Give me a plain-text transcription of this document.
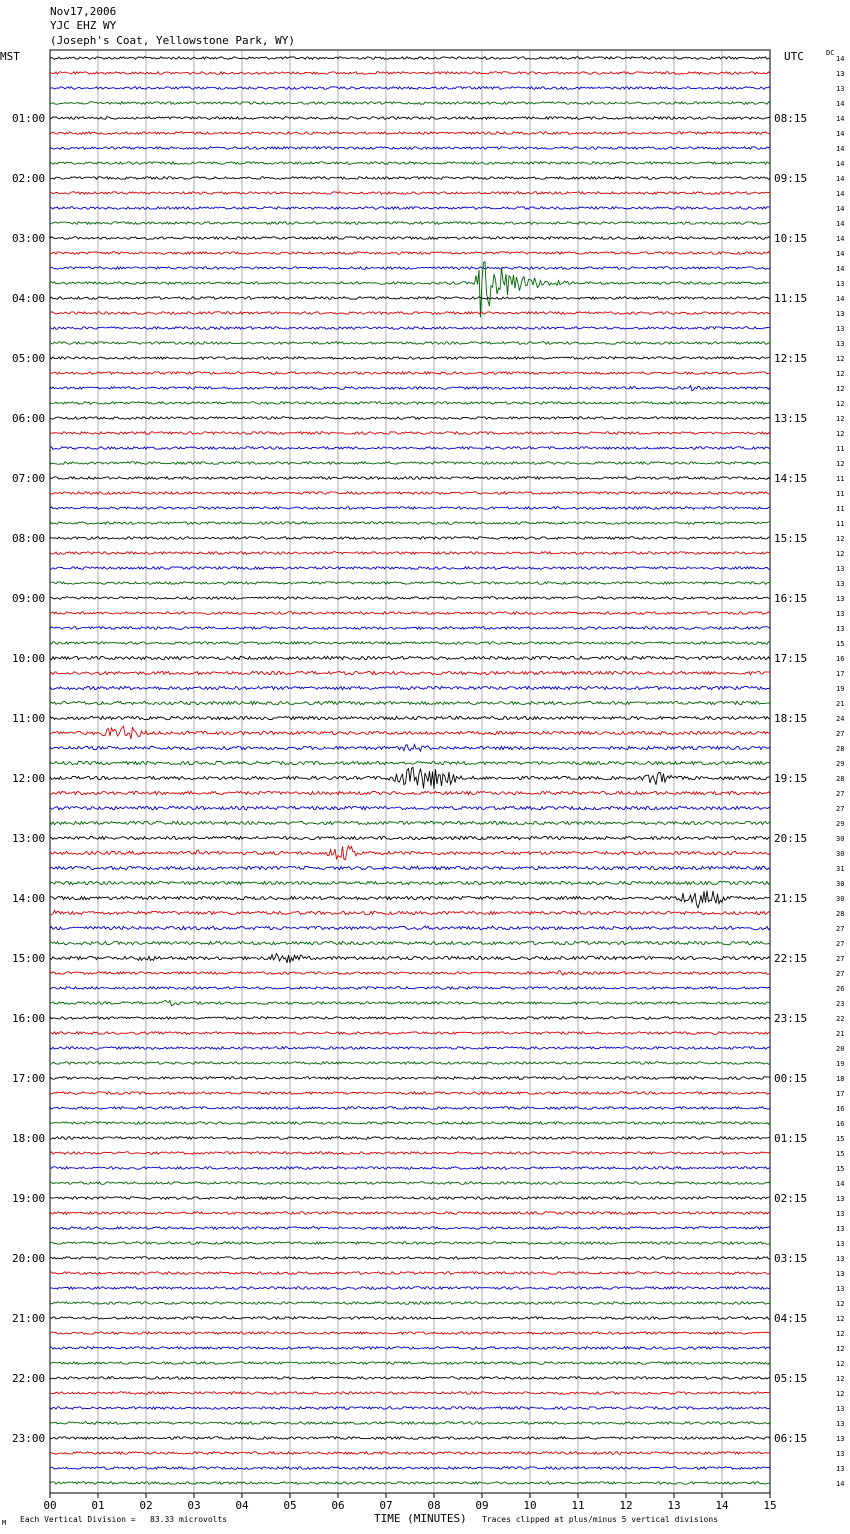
Nov17,2006
YJC EHZ WY
(Joseph's Coat, Yellowstone Park, WY)
MST	UTC	DC
01:00
02:00
03:00
04:00
05:00
06:00
07:00
08:00
09:00
10:00
11:00
12:00
13:00
14:00
15:00
16:00
17:00
18:00
19:00
20:00
21:00
22:00
23:00
08:15
09:15
10:15
11:15
12:15
13:15
14:15
15:15
16:15
17:15
18:15
19:15
20:15
21:15
22:15
23:15
00:15
01:15
02:15
03:15
04:15
05:15
06:15
14
13
13
14
14
14
14
14
14
14
14
14
14
14
14
13
14
13
13
13
12
12
12
12
12
12
11
12
11
11
11
11
12
12
13
13
13
13
13
15
16
17
19
21
24
27
28
29
28
27
27
29
30
30
31
30
30
28
27
27
27
27
26
23
22
21
20
19
18
17
16
16
15
15
15
14
13
13
13
13
13
13
13
12
12
12
12
12
12
12
13
13
13
13
13
14
00	01	02	03	04	05	06	07	08	09	10	11	12	13	14	15
M Each Vertical Division =   83.33 microvolts	TIME (MINUTES) Traces clipped at plus/minus 5 vertical divisions
